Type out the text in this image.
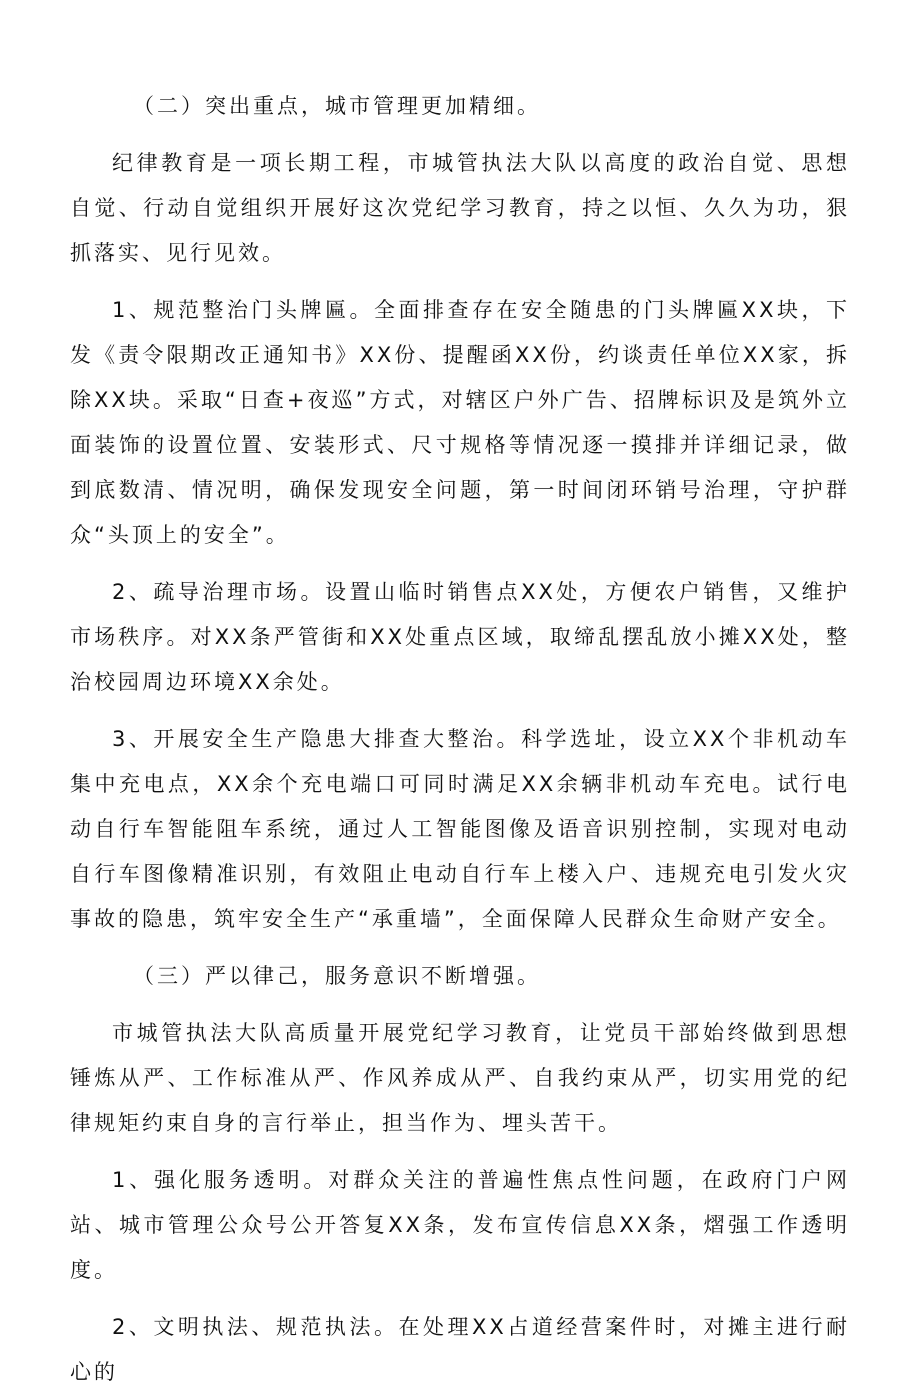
（二）突出重点，城市管理更加精细。

纪律教育是一项长期工程，市城管执法大队以高度的政治自觉、思想自觉、行动自觉组织开展好这次党纪学习教育，持之以恒、久久为功，狠抓落实、见行见效。

1、规范整治门头牌匾。全面排查存在安全随患的门头牌匾XX块，下发《责令限期改正通知书》XX份、提醒函XX份，约谈责任单位XX家，拆除XX块。采取“日查+夜巡”方式，对辖区户外广告、招牌标识及是筑外立面装饰的设置位置、安装形式、尺寸规格等情况逐一摸排并详细记录，做到底数清、情况明，确保发现安全问题，第一时间闭环销号治理，守护群众“头顶上的安全”。

2、疏导治理市场。设置山临时销售点XX处，方便农户销售，又维护市场秩序。对XX条严管街和XX处重点区域，取缔乱摆乱放小摊XX处，整治校园周边环境XX余处。

3、开展安全生产隐患大排查大整治。科学选址，设立XX个非机动车集中充电点，XX余个充电端口可同时满足XX余辆非机动车充电。试行电动自行车智能阻车系统，通过人工智能图像及语音识别控制，实现对电动自行车图像精准识别，有效阻止电动自行车上楼入户、违规充电引发火灾事故的隐患，筑牢安全生产“承重墙”，全面保障人民群众生命财产安全。

（三）严以律己，服务意识不断增强。

市城管执法大队高质量开展党纪学习教育，让党员干部始终做到思想锤炼从严、工作标准从严、作风养成从严、自我约束从严，切实用党的纪律规矩约束自身的言行举止，担当作为、埋头苦干。

1、强化服务透明。对群众关注的普遍性焦点性问题，在政府门户网站、城市管理公众号公开答复XX条，发布宣传信息XX条，熠强工作透明度。

2、文明执法、规范执法。在处理XX占道经营案件时，对摊主进行耐心的
